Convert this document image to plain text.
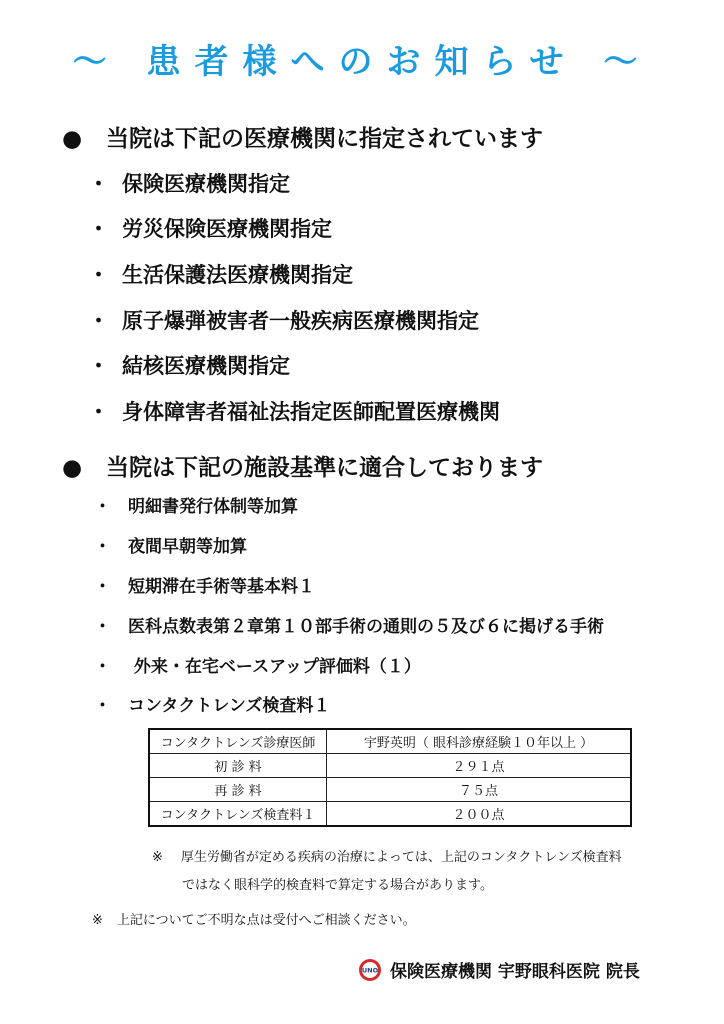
～ 患者様へのお知らせ ～
● 当院は下記の医療機関に指定されています
・ 保険医療機関指定
・ 労災保険医療機関指定
・ 生活保護法医療機関指定
・ 原子爆弾被害者一般疾病医療機関指定
・ 結核医療機関指定
・ 身体障害者福祉法指定医師配置医療機関
● 当院は下記の施設基準に適合しております
・ 明細書発行体制等加算
・ 夜間早朝等加算
・ 短期滞在手術等基本料１
・ 医科点数表第２章第１０部手術の通則の５及び６に掲げる手術
・ 外来・在宅ベースアップ評価料（１）
・ コンタクトレンズ検査料１
コンタクトレンズ診療医師	宇野英明（ 眼科診療経験１０年以上 ）
初 診 料	２９１点
再 診 料	７５点
コンタクトレンズ検査料１	２００点
※ 厚生労働省が定める疾病の治療によっては、上記のコンタクトレンズ検査料
ではなく眼科学的検査料で算定する場合があります。
※ 上記についてご不明な点は受付へご相談ください。
UNO 保険医療機関 宇野眼科医院 院長
